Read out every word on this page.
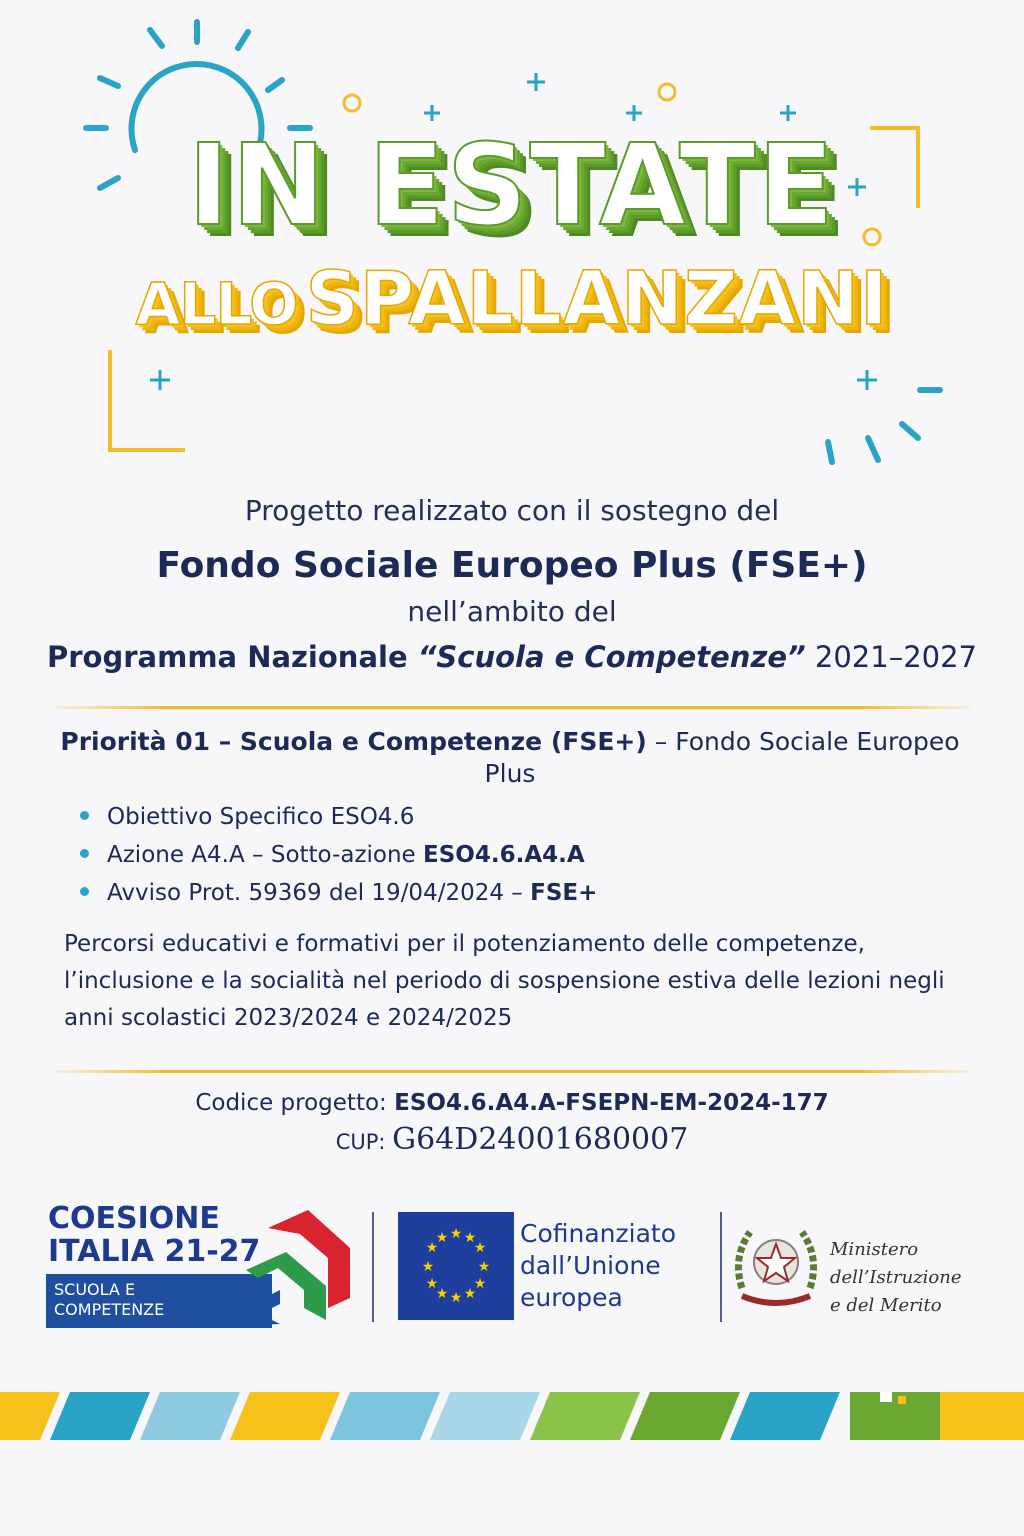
IN ESTATE
ALLO SPALLANZANI
Progetto realizzato con il sostegno del
Fondo Sociale Europeo Plus (FSE+)
nell’ambito del
Programma Nazionale “Scuola e Competenze” 2021–2027
Priorità 01 – Scuola e Competenze (FSE+) – Fondo Sociale Europeo Plus
Obiettivo Specifico ESO4.6
Azione A4.A – Sotto-azione ESO4.6.A4.A
Avviso Prot. 59369 del 19/04/2024 – FSE+
Percorsi educativi e formativi per il potenziamento delle competenze, l’inclusione e la socialità nel periodo di sospensione estiva delle lezioni negli anni scolastici 2023/2024 e 2024/2025
Codice progetto: ESO4.6.A4.A-FSEPN-EM-2024-177
CUP: G64D24001680007
COESIONE
ITALIA 21-27
SCUOLA E
COMPETENZE
★ ★
★
★
★
★
★
★
★
★
★
★	Cofinanziato
dall’Unione
europea
Ministero
dell’Istruzione
e del Merito
